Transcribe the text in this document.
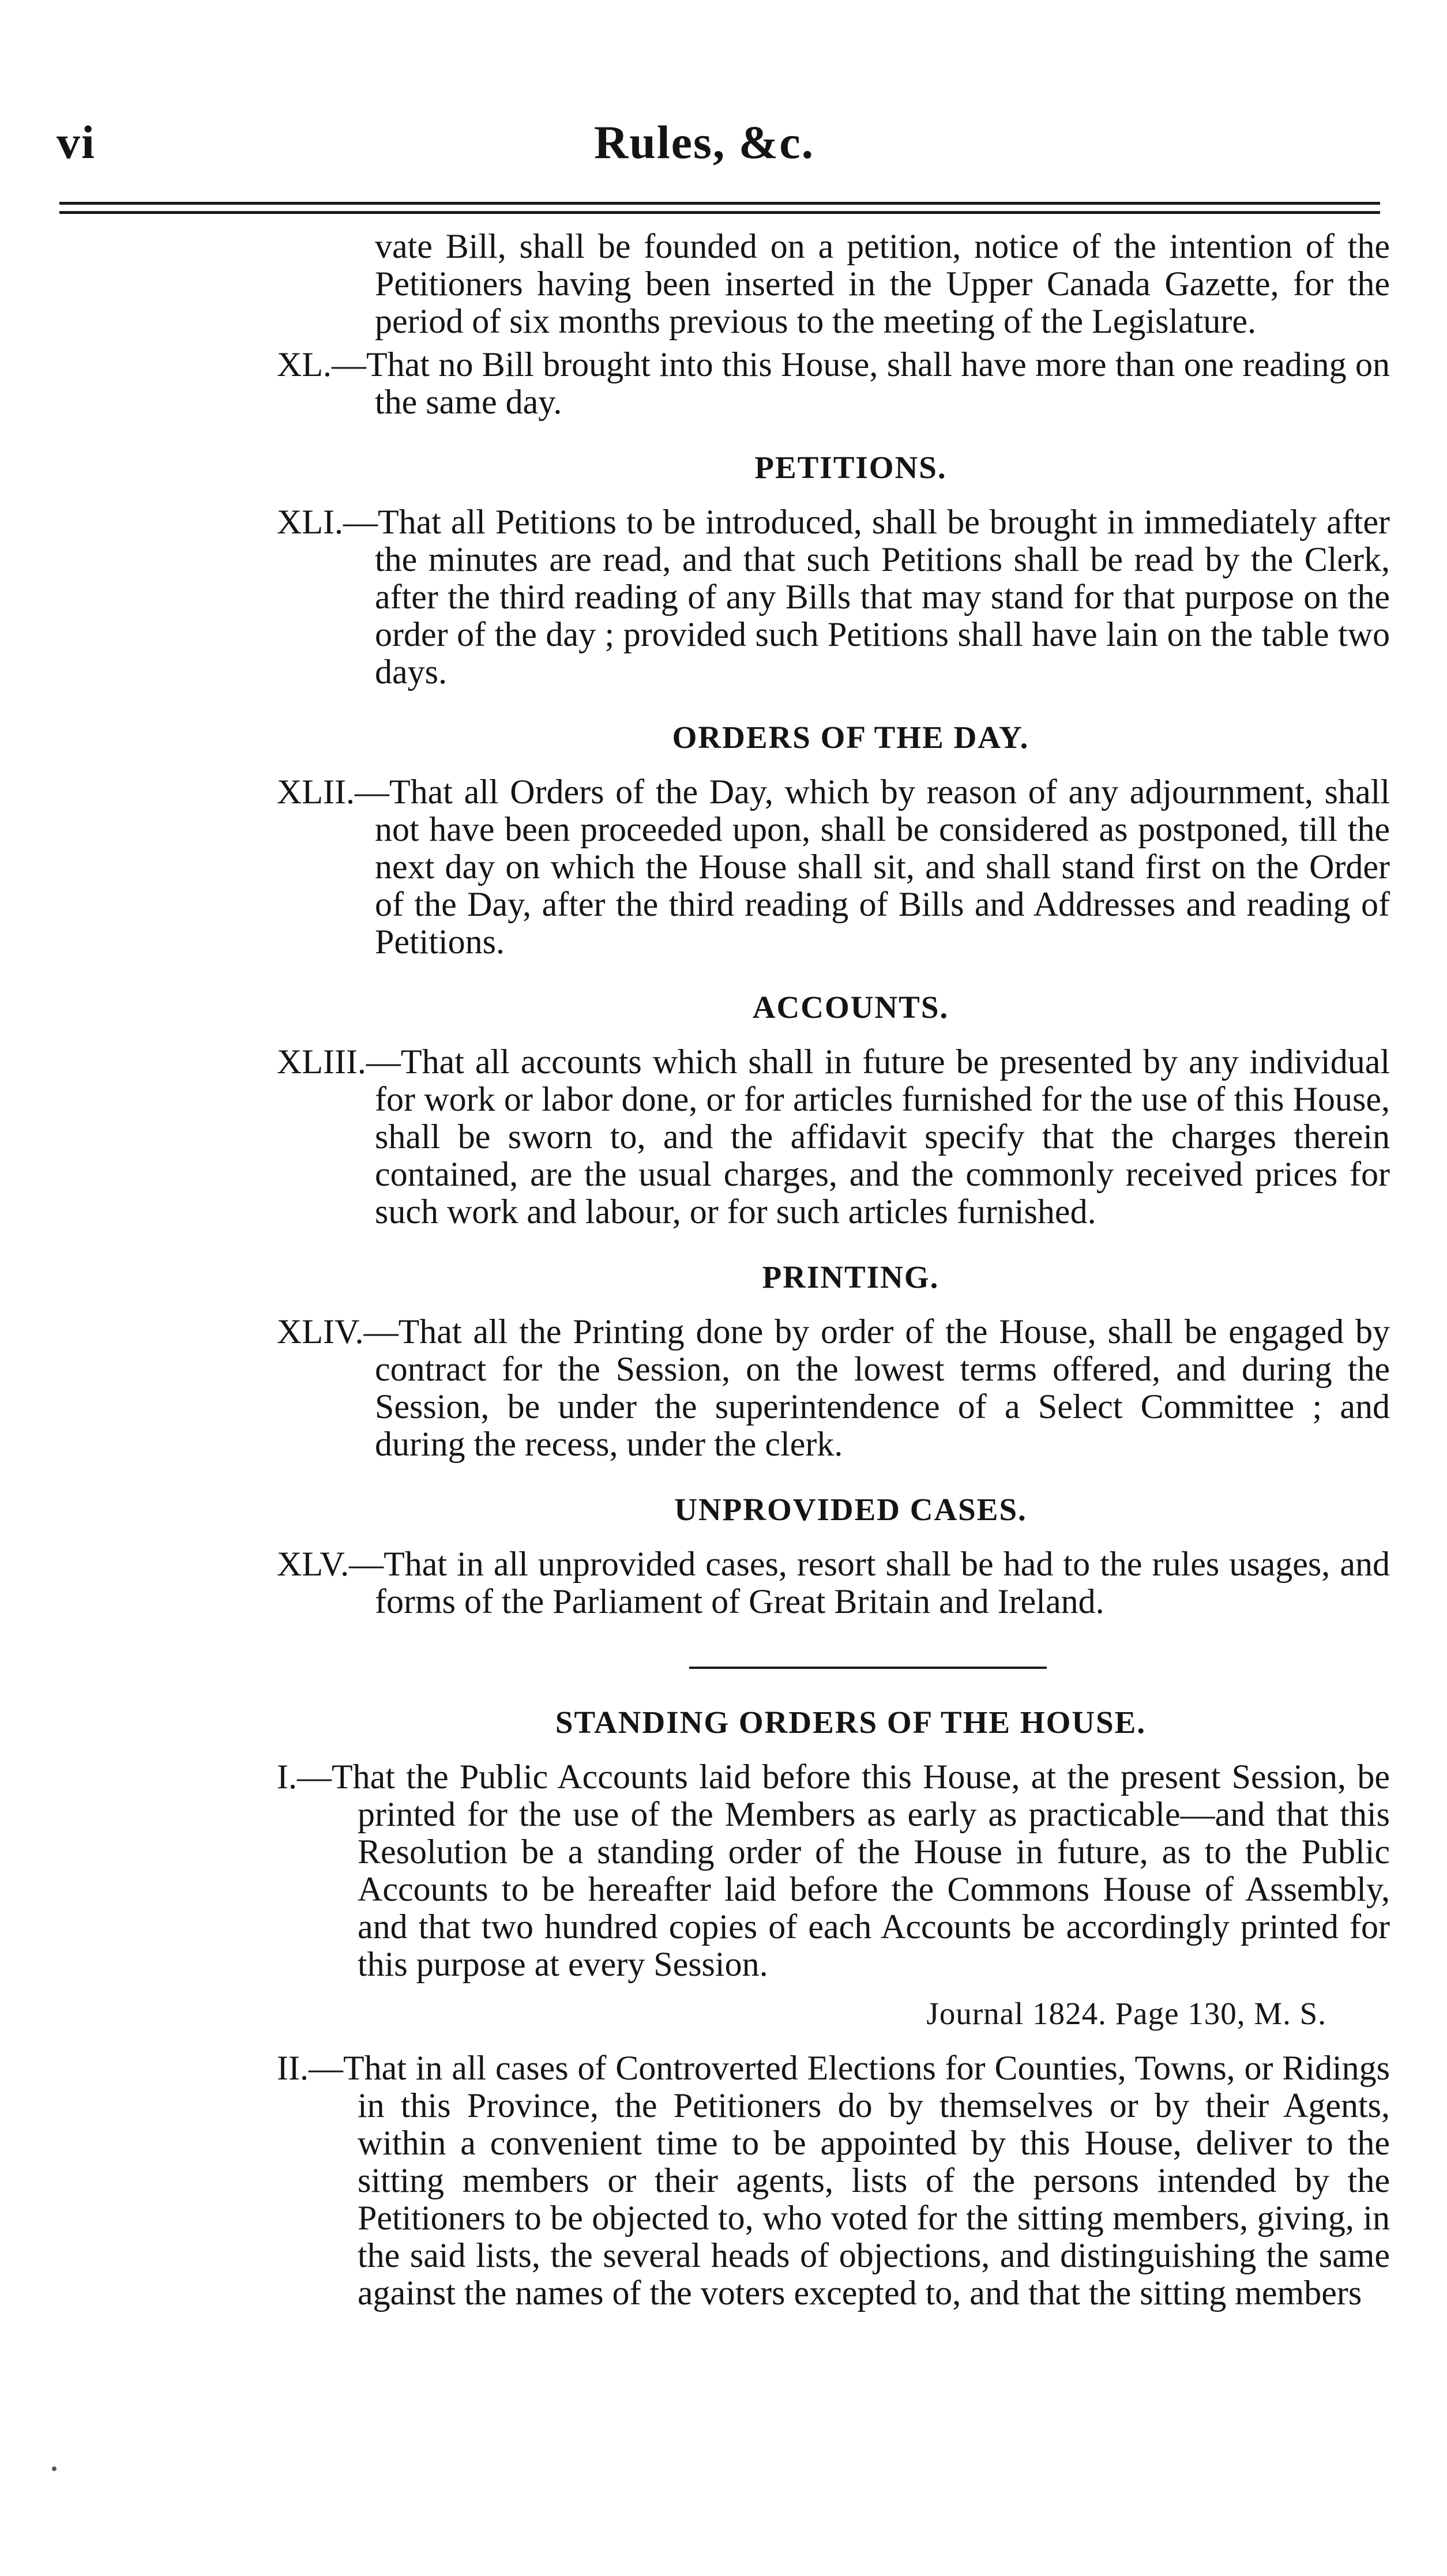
vi	Rules, &c.

vate Bill, shall be founded on a petition, notice of the intention of the Petitioners having been inserted in the Upper Canada Gazette, for the period of six months previous to the meeting of the Legislature.

XL.—That no Bill brought into this House, shall have more than one reading on the same day.
PETITIONS.
XLI.—That all Petitions to be introduced, shall be brought in immediately after the minutes are read, and that such Petitions shall be read by the Clerk, after the third reading of any Bills that may stand for that purpose on the order of the day ; provided such Petitions shall have lain on the table two days.
ORDERS OF THE DAY.
XLII.—That all Orders of the Day, which by reason of any adjournment, shall not have been proceeded upon, shall be considered as postponed, till the next day on which the House shall sit, and shall stand first on the Order of the Day, after the third reading of Bills and Addresses and reading of Petitions.
ACCOUNTS.
XLIII.—That all accounts which shall in future be presented by any individual for work or labor done, or for articles furnished for the use of this House, shall be sworn to, and the affidavit specify that the charges therein contained, are the usual charges, and the commonly received prices for such work and labour, or for such articles furnished.
PRINTING.
XLIV.—That all the Printing done by order of the House, shall be engaged by contract for the Session, on the lowest terms offered, and during the Session, be under the superintendence of a Select Committee ; and during the recess, under the clerk.
UNPROVIDED CASES.
XLV.—That in all unprovided cases, resort shall be had to the rules usages, and forms of the Parliament of Great Britain and Ireland.
STANDING ORDERS OF THE HOUSE.
I.—That the Public Accounts laid before this House, at the present Session, be printed for the use of the Members as early as practicable—and that this Resolution be a standing order of the House in future, as to the Public Accounts to be hereafter laid before the Commons House of Assembly, and that two hundred copies of each Accounts be accordingly printed for this purpose at every Session.
Journal 1824. Page 130, M. S.
II.—That in all cases of Controverted Elections for Counties, Towns, or Ridings in this Province, the Petitioners do by themselves or by their Agents, within a convenient time to be appointed by this House, deliver to the sitting members or their agents, lists of the persons intended by the Petitioners to be objected to, who voted for the sitting members, giving, in the said lists, the several heads of objections, and distinguishing the same against the names of the voters excepted to, and that the sitting members
